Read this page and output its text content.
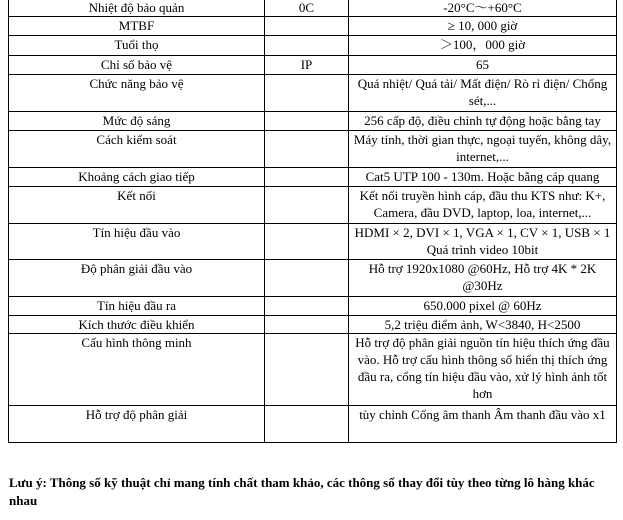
Nhiệt độ bảo quản	0C	-20°C～+60°C
MTBF		≥ 10, 000 giờ
Tuổi thọ		＞100，000 giờ
Chỉ số bảo vệ	IP	65
Chức năng bảo vệ		Quá nhiệt/ Quá tải/ Mất điện/ Rò rỉ điện/ Chống sét,...
Mức độ sáng		256 cấp độ, điều chỉnh tự động hoặc bằng tay
Cách kiểm soát		Máy tính, thời gian thực, ngoại tuyến, không dây, internet,...
Khoảng cách giao tiếp		Cat5 UTP 100 - 130m. Hoặc bằng cáp quang
Kết nối		Kết nối truyền hình cáp, đầu thu KTS như: K+, Camera, đầu DVD, laptop, loa, internet,...
Tín hiệu đầu vào		HDMI × 2, DVI × 1, VGA × 1, CV × 1, USB × 1 Quá trình video 10bit
Độ phân giải đầu vào		Hỗ trợ 1920x1080 @60Hz, Hỗ trợ 4K * 2K @30Hz
Tín hiệu đầu ra		650.000 pixel @ 60Hz
Kích thước điều khiển		5,2 triệu điểm ảnh, W<3840, H<2500
Cấu hình thông minh		Hỗ trợ độ phân giải nguồn tín hiệu thích ứng đầu vào. Hỗ trợ cấu hình thông số hiển thị thích ứng đầu ra, cổng tín hiệu đầu vào, xử lý hình ảnh tốt hơn
Hỗ trợ độ phân giải		tùy chỉnh Cổng âm thanh Âm thanh đầu vào x1
Lưu ý: Thông số kỹ thuật chỉ mang tính chất tham khảo, các thông số thay đổi tùy theo từng lô hàng khác nhau
